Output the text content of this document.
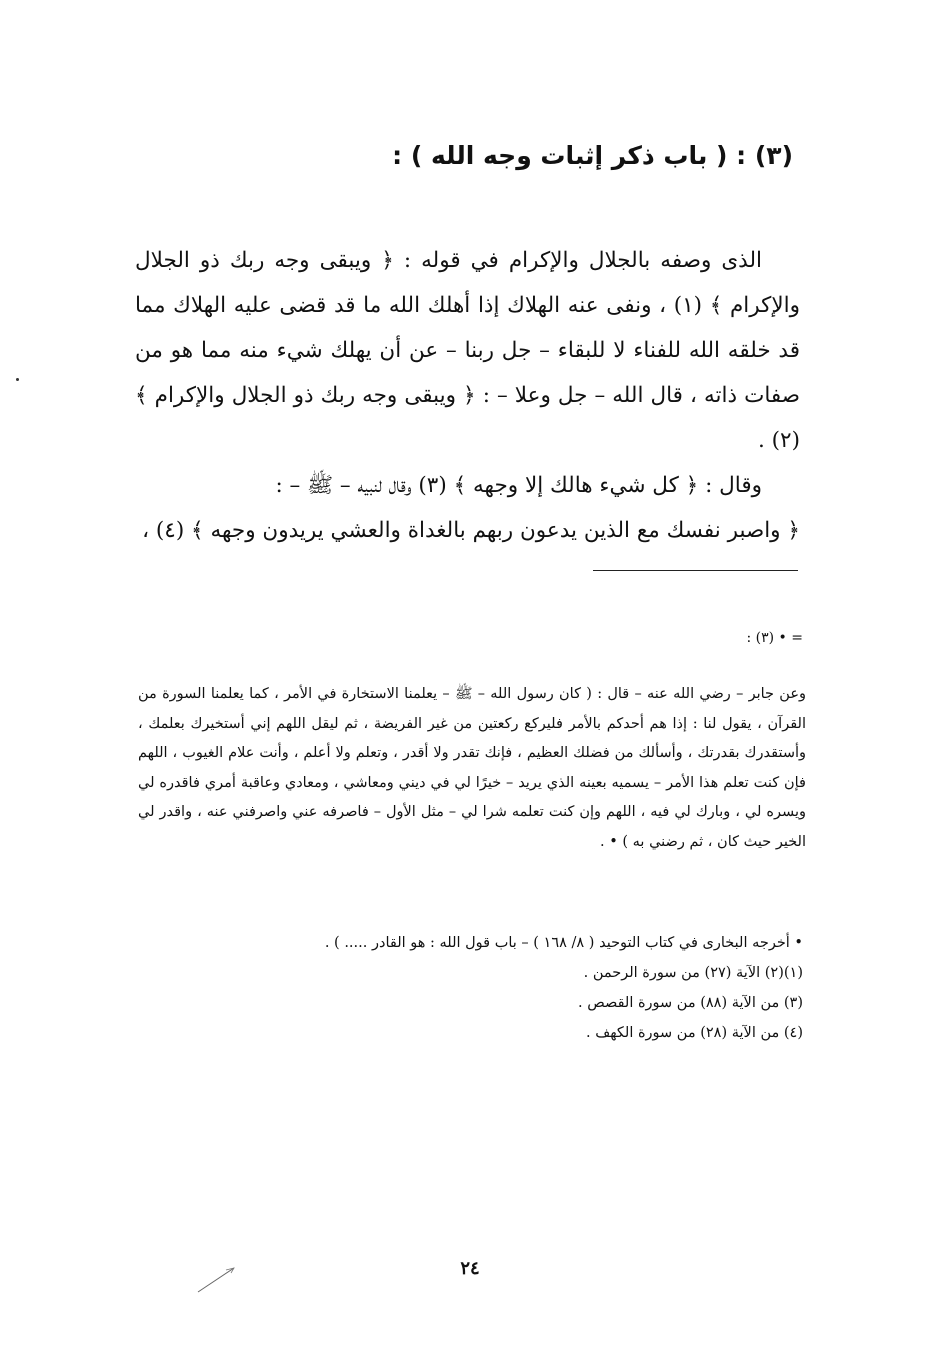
(٣) : ( باب ذكر إثبات وجه الله ) :

الذى وصفه بالجلال والإكرام في قوله : ﴿ ويبقى وجه ربك ذو الجلال والإكرام ﴾ (١) ، ونفى عنه الهلاك إذا أهلك الله ما قد قضى عليه الهلاك مما قد خلقه الله للفناء لا للبقاء – جل ربنا – عن أن يهلك شيء منه مما هو من صفات ذاته ، قال الله – جل وعلا – : ﴿ ويبقى وجه ربك ذو الجلال والإكرام ﴾ (٢) .

وقال : ﴿ كل شيء هالك إلا وجهه ﴾ (٣) وقال لنبيه – ﷺ – :

﴿ واصبر نفسك مع الذين يدعون ربهم بالغداة والعشي يريدون وجهه ﴾ (٤) ،

= • (٣) :

وعن جابر – رضي الله عنه – قال : ( كان رسول الله – ﷺ – يعلمنا الاستخارة في الأمر ، كما يعلمنا السورة من القرآن ، يقول لنا : إذا هم أحدكم بالأمر فليركع ركعتين من غير الفريضة ، ثم ليقل اللهم إني أستخيرك بعلمك ، وأستقدرك بقدرتك ، وأسألك من فضلك العظيم ، فإنك تقدر ولا أقدر ، وتعلم ولا أعلم ، وأنت علام الغيوب ، اللهم فإن كنت تعلم هذا الأمر – يسميه بعينه الذي يريد – خيرًا لي في ديني ومعاشي ، ومعادي وعاقبة أمري فاقدره لي ويسره لي ، وبارك لي فيه ، اللهم وإن كنت تعلمه شرا لي – مثل الأول – فاصرفه عني واصرفني عنه ، واقدر لي الخير حيث كان ، ثم رضني به ) • .

• أخرجه البخارى في كتاب التوحيد ( ٨/ ١٦٨ ) – باب قول الله : هو القادر ..... ) .
(١)(٢) الآية (٢٧) من سورة الرحمن .
(٣) من الآية (٨٨) من سورة القصص .
(٤) من الآية (٢٨) من سورة الكهف .
٢٤
